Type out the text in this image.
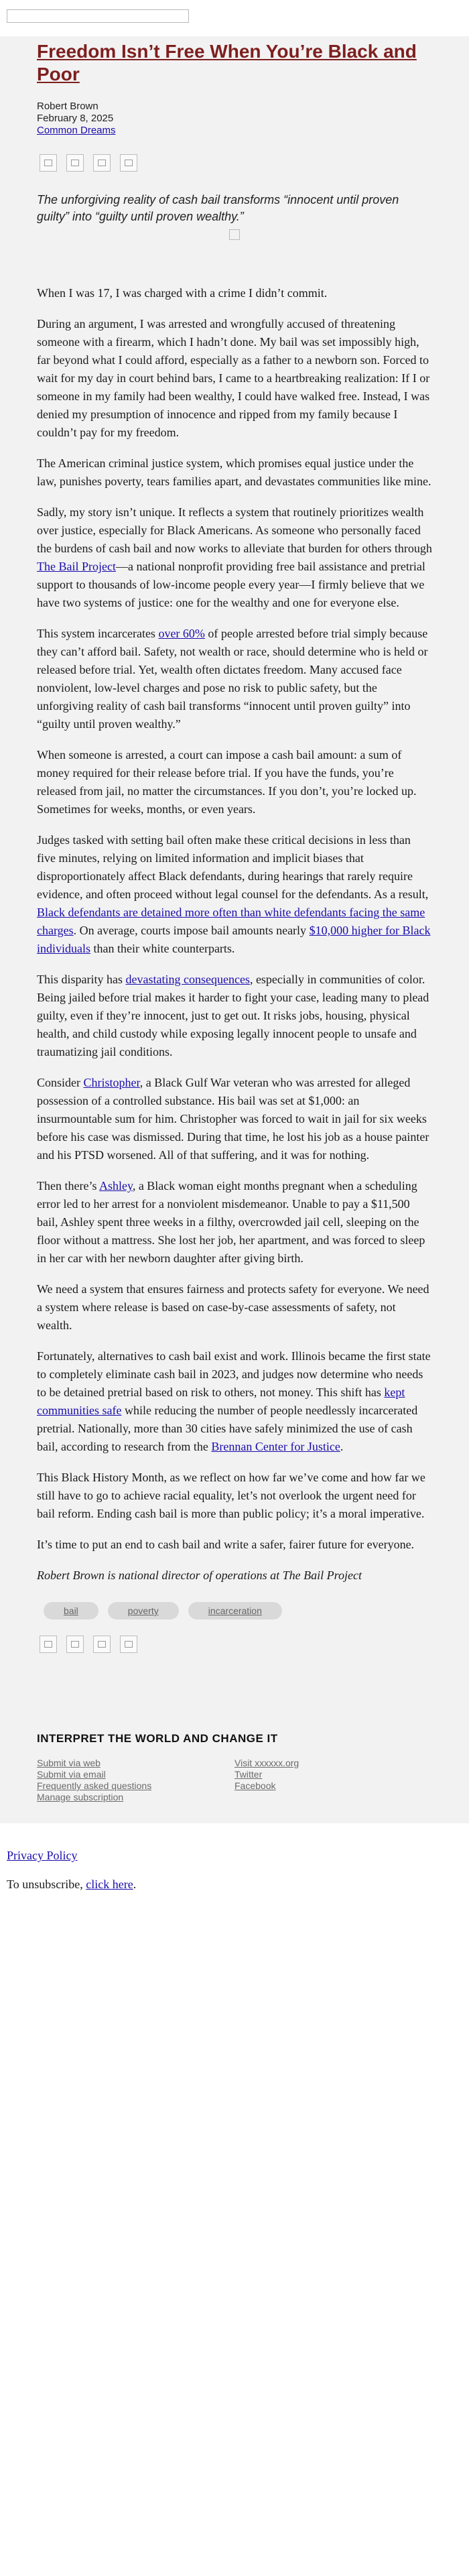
Freedom Isn’t Free When You’re Black and Poor
Robert Brown
February 8, 2025
Common Dreams

The unforgiving reality of cash bail transforms “innocent until proven guilty” into “guilty until proven wealthy.”

When I was 17, I was charged with a crime I didn’t commit.

During an argument, I was arrested and wrongfully accused of threatening someone with a firearm, which I hadn’t done. My bail was set impossibly high, far beyond what I could afford, especially as a father to a newborn son. Forced to wait for my day in court behind bars, I came to a heartbreaking realization: If I or someone in my family had been wealthy, I could have walked free. Instead, I was denied my presumption of innocence and ripped from my family because I couldn’t pay for my freedom.

The American criminal justice system, which promises equal justice under the law, punishes poverty, tears families apart, and devastates communities like mine.

Sadly, my story isn’t unique. It reflects a system that routinely prioritizes wealth over justice, especially for Black Americans. As someone who personally faced the burdens of cash bail and now works to alleviate that burden for others through The Bail Project—a national nonprofit providing free bail assistance and pretrial support to thousands of low-income people every year—I firmly believe that we have two systems of justice: one for the wealthy and one for everyone else.

This system incarcerates over 60% of people arrested before trial simply because they can’t afford bail. Safety, not wealth or race, should determine who is held or released before trial. Yet, wealth often dictates freedom. Many accused face nonviolent, low-level charges and pose no risk to public safety, but the unforgiving reality of cash bail transforms “innocent until proven guilty” into “guilty until proven wealthy.”

When someone is arrested, a court can impose a cash bail amount: a sum of money required for their release before trial. If you have the funds, you’re released from jail, no matter the circumstances. If you don’t, you’re locked up. Sometimes for weeks, months, or even years.

Judges tasked with setting bail often make these critical decisions in less than five minutes, relying on limited information and implicit biases that disproportionately affect Black defendants, during hearings that rarely require evidence, and often proceed without legal counsel for the defendants. As a result, Black defendants are detained more often than white defendants facing the same charges. On average, courts impose bail amounts nearly $10,000 higher for Black individuals than their white counterparts.

This disparity has devastating consequences, especially in communities of color. Being jailed before trial makes it harder to fight your case, leading many to plead guilty, even if they’re innocent, just to get out. It risks jobs, housing, physical health, and child custody while exposing legally innocent people to unsafe and traumatizing jail conditions.

Consider Christopher, a Black Gulf War veteran who was arrested for alleged possession of a controlled substance. His bail was set at $1,000: an insurmountable sum for him. Christopher was forced to wait in jail for six weeks before his case was dismissed. During that time, he lost his job as a house painter and his PTSD worsened. All of that suffering, and it was for nothing.

Then there’s Ashley, a Black woman eight months pregnant when a scheduling error led to her arrest for a nonviolent misdemeanor. Unable to pay a $11,500 bail, Ashley spent three weeks in a filthy, overcrowded jail cell, sleeping on the floor without a mattress. She lost her job, her apartment, and was forced to sleep in her car with her newborn daughter after giving birth.

We need a system that ensures fairness and protects safety for everyone. We need a system where release is based on case-by-case assessments of safety, not wealth.

Fortunately, alternatives to cash bail exist and work. Illinois became the first state to completely eliminate cash bail in 2023, and judges now determine who needs to be detained pretrial based on risk to others, not money. This shift has kept communities safe while reducing the number of people needlessly incarcerated pretrial. Nationally, more than 30 cities have safely minimized the use of cash bail, according to research from the Brennan Center for Justice.

This Black History Month, as we reflect on how far we’ve come and how far we still have to go to achieve racial equality, let’s not overlook the urgent need for bail reform. Ending cash bail is more than public policy; it’s a moral imperative.

It’s time to put an end to cash bail and write a safer, fairer future for everyone.

Robert Brown is national director of operations at The Bail Project

bail	poverty	incarceration
INTERPRET THE WORLD AND CHANGE IT
Submit via web
Submit via email
Frequently asked questions
Manage subscription
Visit xxxxxx.org
Twitter
Facebook

Privacy Policy

To unsubscribe, click here.
